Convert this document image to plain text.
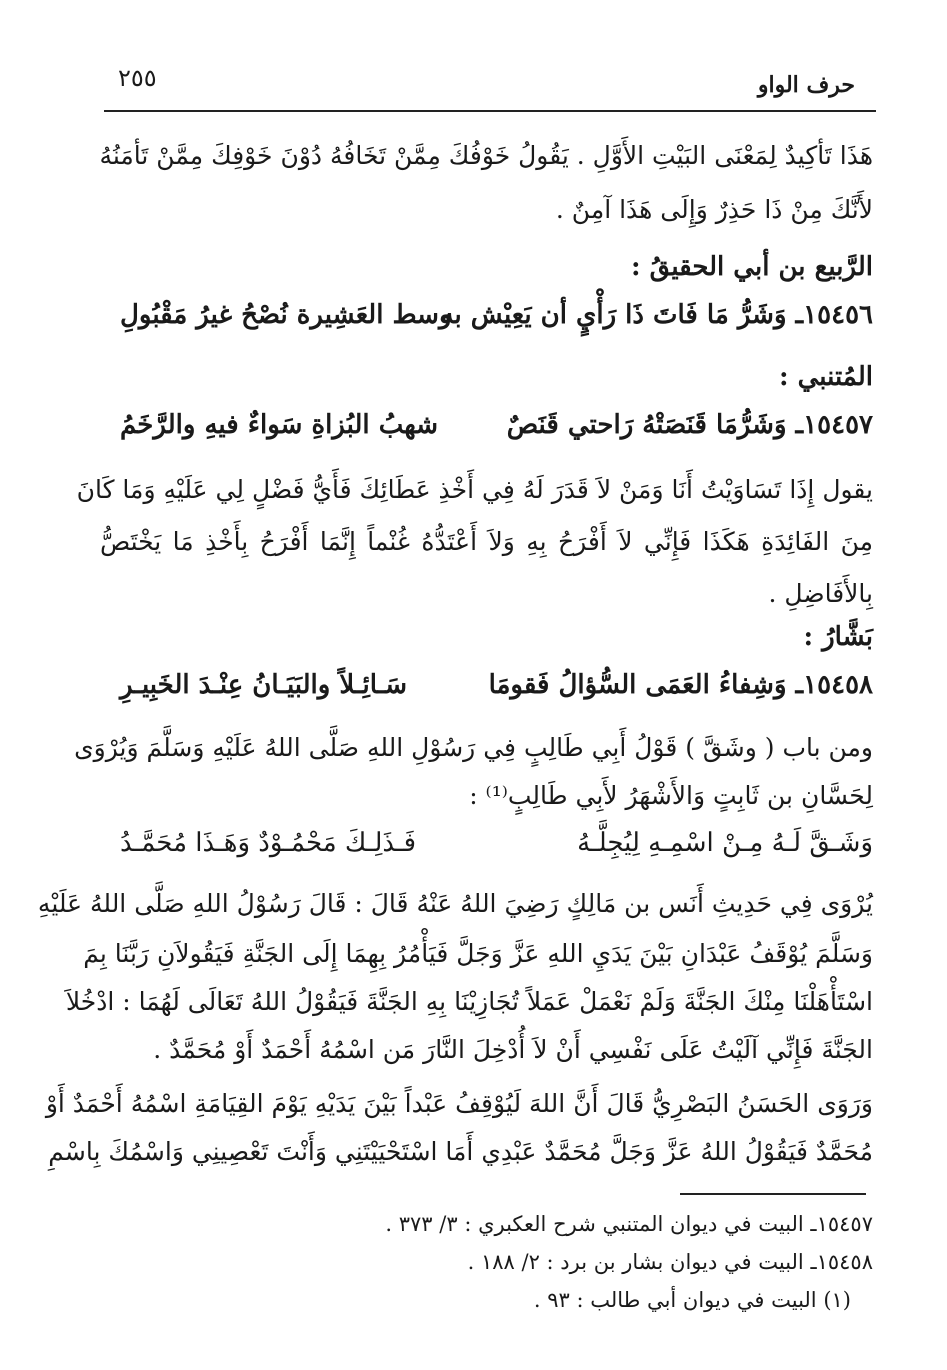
٢٥٥	حرف الواو
هَذَا تَأكِيدٌ لِمَعْنَى البَيْتِ الأَوَّلِ . يَقُولُ خَوْفُكَ مِمَّنْ تَخَافُهُ دُوْنَ خَوْفِكَ مِمَّنْ تَأمَنُهُ
لأَنَّكَ مِنْ ذَا حَذِرٌ وَإِلَى هَذَا آمِنٌ .
الرَّبيع بن أبي الحقيقُ :
١٥٤٥٦ـ وَشَرُّ مَا فَاتَ ذَا رَأْيٍ أن يَعِيْش به
وسط العَشِيرة نُصْحُ غيرُ مَقْبُولِ
المُتنبي :
١٥٤٥٧ـ وَشَرُّمَا قَنَصَتْهُ رَاحتي قَنَصٌ
شهبُ البُزاةِ سَواءٌ فيهِ والرَّخَمُ
يقول إِذَا تَسَاوَيْتُ أَنَا وَمَنْ لاَ قَدَرَ لَهُ فِي أَخْذِ عَطَائِكَ فَأَيُّ فَضْلٍ لِي عَلَيْهِ وَمَا كَانَ
مِنَ الفَائِدَةِ هَكَذَا فَإِنِّي لاَ أَفْرَحُ بِهِ وَلاَ أَعْتَدُّهُ غُنْماً إِنَّمَا أَفْرَحُ بِأَخْذِ مَا يَخْتَصُّ
بِالأَفَاضِلِ .
بَشَّارُ :
١٥٤٥٨ـ وَشِفاءُ العَمَى السُّؤالُ فَقومَا
سَـائِـلاً والبَيَـانُ عِنْـدَ الخَبِيـرِ
ومن باب ( وشَقَّ ) قَوْلُ أَبِي طَالِبٍ فِي رَسُوْلِ اللهِ صَلَّى اللهُ عَلَيْهِ وَسَلَّمَ وَيُرْوَى
لِحَسَّانِ بن ثَابِتٍ وَالأَشْهَرُ لأَبِي طَالِبٍ⁽¹⁾ :
وَشَـقَّ لَـهُ مِـنْ اسْمِـهِ لِيُجِلَّـهُ
فَـذَلِـكَ مَحْمُـوْدٌ وَهَـذَا مُحَمَّـدُ
يُرْوَى فِي حَدِيثِ أَنَس بن مَالِكٍ رَضِيَ اللهُ عَنْهُ قَالَ : قَالَ رَسُوْلُ اللهِ صَلَّى اللهُ عَلَيْهِ
وَسَلَّمَ يُوْقَفُ عَبْدَانِ بَيْنَ يَدَيِ اللهِ عَزَّ وَجَلَّ فَيَأْمُرُ بِهِمَا إِلَى الجَنَّةِ فَيَقُولاَنِ رَبَّنَا بِمَ
اسْتَأْهَلْنَا مِنْكَ الجَنَّةَ وَلَمْ نَعْمَلْ عَمَلاً تُجَازِيْنَا بِهِ الجَنَّةَ فَيَقُوْلُ اللهُ تَعَالَى لَهُمَا : ادْخُلاَ
الجَنَّةَ فَإِنِّي آلَيْتُ عَلَى نَفْسِي أَنْ لاَ أُدْخِلَ النَّارَ مَن اسْمُهُ أَحْمَدٌ أَوْ مُحَمَّدٌ .
وَرَوَى الحَسَنُ البَصْرِيُّ قَالَ أَنَّ اللهَ لَيُوْقِفُ عَبْداً بَيْنَ يَدَيْهِ يَوْمَ القِيَامَةِ اسْمُهُ أَحْمَدٌ أَوْ
مُحَمَّدٌ فَيَقُوْلُ اللهُ عَزَّ وَجَلَّ مُحَمَّدٌ عَبْدِي أَمَا اسْتَحْيَيْتَنِي وَأَنْتَ تَعْصِينِي وَاسْمُكَ بِاسْمِ
١٥٤٥٧ـ البيت في ديوان المتنبي شرح العكبري : ٣/ ٣٧٣ .
١٥٤٥٨ـ البيت في ديوان بشار بن برد : ٢/ ١٨٨ .
(١) البيت في ديوان أبي طالب : ٩٣ .
